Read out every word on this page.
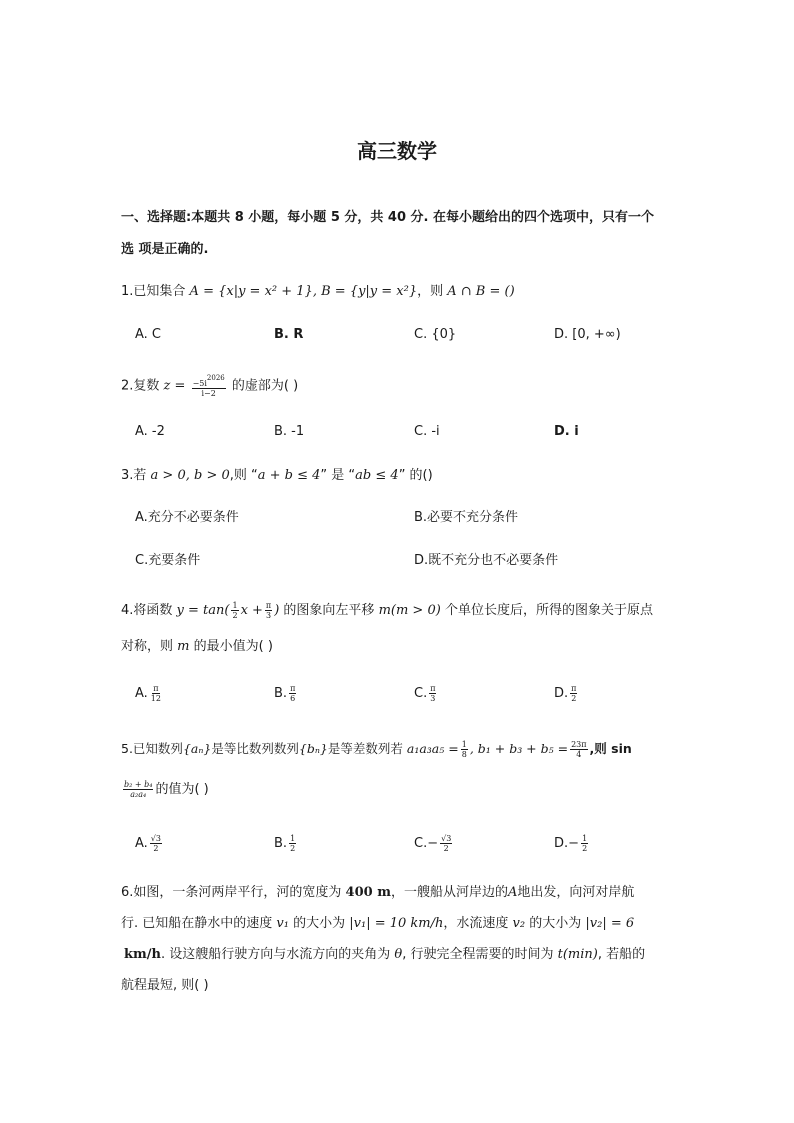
高三数学
一、选择题:本题共 8 小题，每小题 5 分，共 40 分. 在每小题给出的四个选项中，只有一个
选 项是正确的.
1.已知集合 A = {x|y = x² + 1}, B = {y|y = x²}，则 A ∩ B = ()
A. C	B. R	C. {0}	D. [0, +∞)
2.复数 $z = \frac{-5i2026}{i-2}$ 的虚部为( )
A. -2	B. -1	C. -i	D. i
3.若 a > 0, b > 0,则 “a + b ≤ 4” 是 “ab ≤ 4” 的()
A.充分不必要条件	B.必要不充分条件
C.充要条件	D.既不充分也不必要条件
4.将函数 $y = \tan( \frac{1}{2}$ $x + \frac{\pi}{3}$ ) 的图象向左平移 m(m > 0) 个单位长度后，所得的图象关于原点
对称，则 m 的最小值为( )
A. $\frac{\pi}{12}$	B. $\frac{\pi}{6}$	C. $\frac{\pi}{3}$	D. $\frac{\pi}{2}$
5.已知数列{aₙ}是等比数列数列{bₙ}是等差数列若 $a_1a_3a_5 = \frac{1}{8}$ , $b_1 + b_3 + b_5 = \frac{23\pi}{4}$ ,则 sin
$\frac{\text{b₂ + b₄}}{\text{a₂a₄}}$ 的值为( )
A. $\frac{√3}{2}$	B. $\frac{1}{2}$	$C.- \frac{√3}{2}$	$D.- \frac{1}{2}$
6.如图，一条河两岸平行，河的宽度为 400 m，一艘船从河岸边的A地出发，向河对岸航
行. 已知船在静水中的速度 v₁ 的大小为 |v₁| = 10 km/h，水流速度 v₂ 的大小为 |v₂| = 6
km/h. 设这艘船行驶方向与水流方向的夹角为 θ, 行驶完全程需要的时间为 t(min), 若船的
航程最短, 则( )
